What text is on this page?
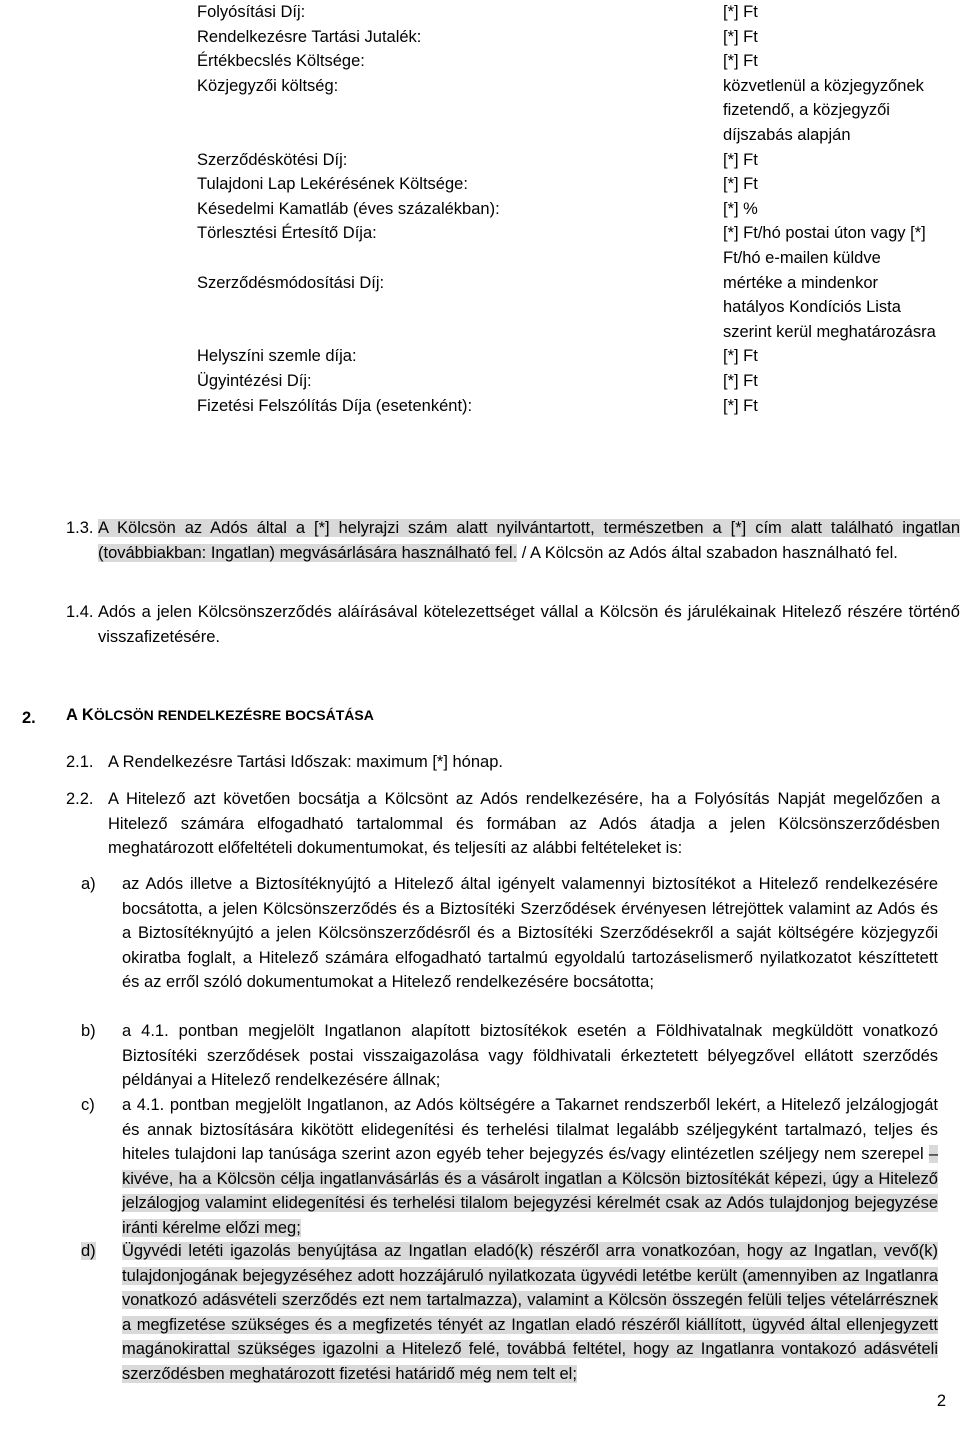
Folyósítási Díj:	[*] Ft
Rendelkezésre Tartási Jutalék:	[*] Ft
Értékbecslés Költsége:	[*] Ft
Közjegyzői költség:	közvetlenül a közjegyzőnek fizetendő, a közjegyzői díjszabás alapján
Szerződéskötési Díj:	[*] Ft
Tulajdoni Lap Lekérésének Költsége:	[*] Ft
Késedelmi Kamatláb (éves százalékban):	[*] %
Törlesztési Értesítő Díja:	[*] Ft/hó postai úton vagy [*] Ft/hó e-mailen küldve
Szerződésmódosítási Díj:	mértéke a mindenkor hatályos Kondíciós Lista szerint kerül meghatározásra
Helyszíni szemle díja:	[*] Ft
Ügyintézési Díj:	[*] Ft
Fizetési Felszólítás Díja (esetenként):	[*] Ft
1.3. A Kölcsön az Adós által a [*] helyrajzi szám alatt nyilvántartott, természetben a [*] cím alatt található ingatlan (továbbiakban: Ingatlan) megvásárlására használható fel. / A Kölcsön az Adós által szabadon használható fel.
1.4. Adós a jelen Kölcsönszerződés aláírásával kötelezettséget vállal a Kölcsön és járulékainak Hitelező részére történő visszafizetésére.
2. A KÖLCSÖN RENDELKEZÉSRE BOCSÁTÁSA
2.1. A Rendelkezésre Tartási Időszak: maximum [*] hónap.
2.2. A Hitelező azt követően bocsátja a Kölcsönt az Adós rendelkezésére, ha a Folyósítás Napját megelőzően a Hitelező számára elfogadható tartalommal és formában az Adós átadja a jelen Kölcsönszerződésben meghatározott előfeltételi dokumentumokat, és teljesíti az alábbi feltételeket is:
a) az Adós illetve a Biztosítéknyújtó a Hitelező által igényelt valamennyi biztosítékot a Hitelező rendelkezésére bocsátotta, a jelen Kölcsönszerződés és a Biztosítéki Szerződések érvényesen létrejöttek valamint az Adós és a Biztosítéknyújtó a jelen Kölcsönszerződésről és a Biztosítéki Szerződésekről a saját költségére közjegyzői okiratba foglalt, a Hitelező számára elfogadható tartalmú egyoldalú tartozáselismerő nyilatkozatot készíttetett és az erről szóló dokumentumokat a Hitelező rendelkezésére bocsátotta;
b) a 4.1. pontban megjelölt Ingatlanon alapított biztosítékok esetén a Földhivatalnak megküldött vonatkozó Biztosítéki szerződések postai visszaigazolása vagy földhivatali érkeztetett bélyegzővel ellátott szerződés példányai a Hitelező rendelkezésére állnak;
c) a 4.1. pontban megjelölt Ingatlanon, az Adós költségére a Takarnet rendszerből lekért, a Hitelező jelzálogjogát és annak biztosítására kikötött elidegenítési és terhelési tilalmat legalább széljegyként tartalmazó, teljes és hiteles tulajdoni lap tanúsága szerint azon egyéb teher bejegyzés és/vagy elintézetlen széljegy nem szerepel – kivéve, ha a Kölcsön célja ingatlanvásárlás és a vásárolt ingatlan a Kölcsön biztosítékát képezi, úgy a Hitelező jelzálogjog valamint elidegenítési és terhelési tilalom bejegyzési kérelmét csak az Adós tulajdonjog bejegyzése iránti kérelme előzi meg;
d) Ügyvédi letéti igazolás benyújtása az Ingatlan eladó(k) részéről arra vonatkozóan, hogy az Ingatlan, vevő(k) tulajdonjogának bejegyzéséhez adott hozzájáruló nyilatkozata ügyvédi letétbe került (amennyiben az Ingatlanra vonatkozó adásvételi szerződés ezt nem tartalmazza), valamint a Kölcsön összegén felüli teljes vételárrésznek a megfizetése szükséges és a megfizetés tényét az Ingatlan eladó részéről kiállított, ügyvéd által ellenjegyzett magánokirattal szükséges igazolni a Hitelező felé, továbbá feltétel, hogy az Ingatlanra vontakozó adásvételi szerződésben meghatározott fizetési határidő még nem telt el;
2
